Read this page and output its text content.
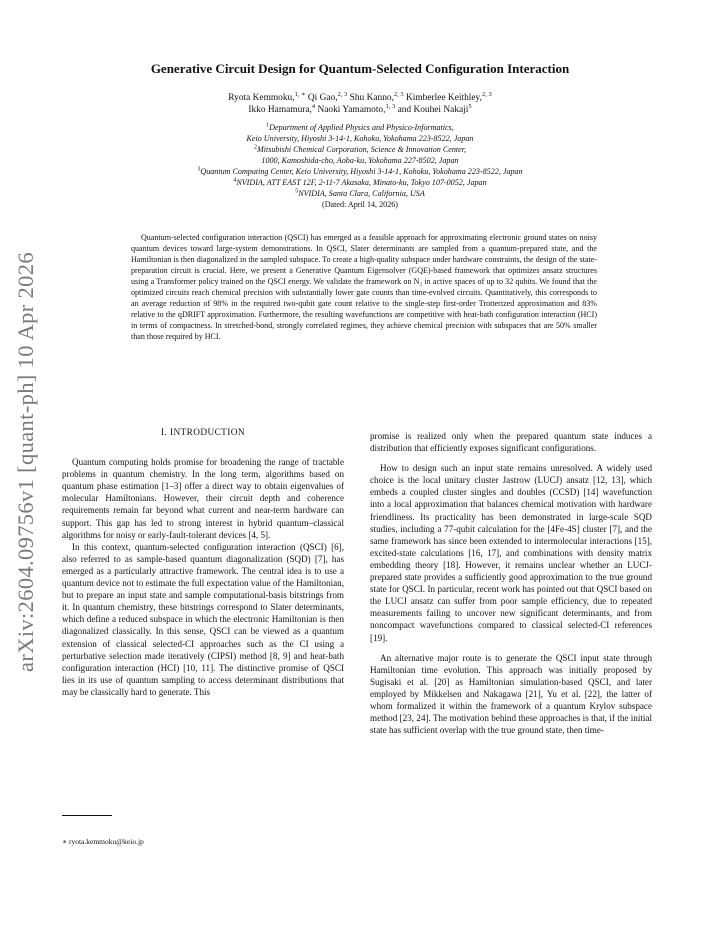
arXiv:2604.09756v1 [quant-ph] 10 Apr 2026
Generative Circuit Design for Quantum-Selected Configuration Interaction
Ryota Kemmoku,$^{1, ∗}$ Qi Gao,$^{2, 3}$ Shu Kanno,$^{2, 3}$ Kimberlee Keithley,$^{2, 3}$
Ikko Hamamura,$^4$ Naoki Yamamoto,$^{1, 3}$ and Kouhei Nakaji$^5$
$^1$Department of Applied Physics and Physico-Informatics,
Keio University, Hiyoshi 3-14-1, Kohoku, Yokohama 223-8522, Japan
$^2$Mitsubishi Chemical Corporation, Science & Innovation Center,
1000, Kamoshida-cho, Aoba-ku, Yokohama 227-8502, Japan
$^3$Quantum Computing Center, Keio University, Hiyoshi 3-14-1, Kohoku, Yokohama 223-8522, Japan
$^4$NVIDIA, ATT EAST 12F, 2-11-7 Akasaka, Minato-ku, Tokyo 107-0052, Japan
$^5$NVIDIA, Santa Clara, California, USA
(Dated: April 14, 2026)

Quantum-selected configuration interaction (QSCI) has emerged as a feasible approach for approximating electronic ground states on noisy quantum devices toward large-system demonstrations. In QSCI, Slater determinants are sampled from a quantum-prepared state, and the Hamiltonian is then diagonalized in the sampled subspace. To create a high-quality subspace under hardware constraints, the design of the state-preparation circuit is crucial. Here, we present a Generative Quantum Eigensolver (GQE)-based framework that optimizes ansatz structures using a Transformer policy trained on the QSCI energy. We validate the framework on N₂ in active spaces of up to 32 qubits. We found that the optimized circuits reach chemical precision with substantially lower gate counts than time-evolved circuits. Quantitatively, this corresponds to an average reduction of 98% in the required two-qubit gate count relative to the single-step first-order Trotterized approximation and 83% relative to the qDRIFT approximation. Furthermore, the resulting wavefunctions are competitive with heat-bath configuration interaction (HCI) in terms of compactness. In stretched-bond, strongly correlated regimes, they achieve chemical precision with subspaces that are 50% smaller than those required by HCI.

I. INTRODUCTION

Quantum computing holds promise for broadening the range of tractable problems in quantum chemistry. In the long term, algorithms based on quantum phase estimation [1–3] offer a direct way to obtain eigenvalues of molecular Hamiltonians. However, their circuit depth and coherence requirements remain far beyond what current and near-term hardware can support. This gap has led to strong interest in hybrid quantum–classical algorithms for noisy or early-fault-tolerant devices [4, 5].

In this context, quantum-selected configuration interaction (QSCI) [6], also referred to as sample-based quantum diagonalization (SQD) [7], has emerged as a particularly attractive framework. The central idea is to use a quantum device not to estimate the full expectation value of the Hamiltonian, but to prepare an input state and sample computational-basis bitstrings from it. In quantum chemistry, these bitstrings correspond to Slater determinants, which define a reduced subspace in which the electronic Hamiltonian is then diagonalized classically. In this sense, QSCI can be viewed as a quantum extension of classical selected-CI approaches such as the CI using a perturbative selection made iteratively (CIPSI) method [8, 9] and heat-bath configuration interaction (HCI) [10, 11]. The distinctive promise of QSCI lies in its use of quantum sampling to access determinant distributions that may be classically hard to generate. This

promise is realized only when the prepared quantum state induces a distribution that efficiently exposes significant configurations.

How to design such an input state remains unresolved. A widely used choice is the local unitary cluster Jastrow (LUCJ) ansatz [12, 13], which embeds a coupled cluster singles and doubles (CCSD) [14] wavefunction into a local approximation that balances chemical motivation with hardware friendliness. Its practicality has been demonstrated in large-scale SQD studies, including a 77-qubit calculation for the [4Fe-4S] cluster [7], and the same framework has since been extended to intermolecular interactions [15], excited-state calculations [16, 17], and combinations with density matrix embedding theory [18]. However, it remains unclear whether an LUCJ-prepared state provides a sufficiently good approximation to the true ground state for QSCI. In particular, recent work has pointed out that QSCI based on the LUCJ ansatz can suffer from poor sample efficiency, due to repeated measurements failing to uncover new significant determinants, and from noncompact wavefunctions compared to classical selected-CI references [19].

An alternative major route is to generate the QSCI input state through Hamiltonian time evolution. This approach was initially proposed by Sugisaki et al. [20] as Hamiltonian simulation-based QSCI, and later employed by Mikkelsen and Nakagawa [21], Yu et al. [22], the latter of whom formalized it within the framework of a quantum Krylov subspace method [23, 24]. The motivation behind these approaches is that, if the initial state has sufficient overlap with the true ground state, then time-

∗ ryota.kemmoku@keio.jp
